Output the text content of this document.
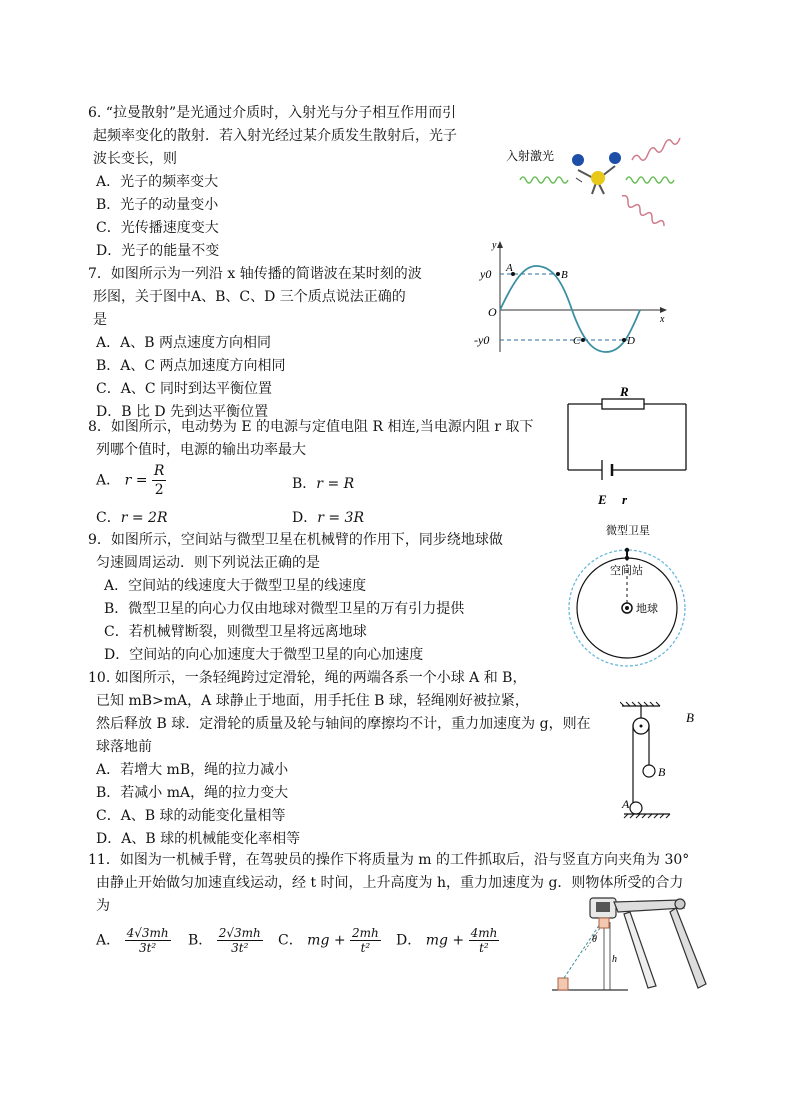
6. “拉曼散射”是光通过介质时，入射光与分子相互作用而引
起频率变化的散射．若入射光经过某介质发生散射后，光子
波长变长，则
A．光子的频率变大
B．光子的动量变小
C．光传播速度变大
D．光子的能量不变
入射激光
7．如图所示为一列沿 x 轴传播的简谐波在某时刻的波
形图，关于图中A、B、C、D 三个质点说法正确的
是
A．A、B 两点速度方向相同
B．A、C 两点加速度方向相同
C．A、C 同时到达平衡位置
D．B 比 D 先到达平衡位置
y
x
O
y0
-y0
A
B
C	D
8．如图所示，电动势为 E 的电源与定值电阻 R 相连,当电源内阻 r 取下
列哪个值时，电源的输出功率最大
A． $r = \frac{R}{2}$	B．r = R
C．r = 2R	D．r = 3R
R
E r
9．如图所示，空间站与微型卫星在机械臂的作用下，同步绕地球做
匀速圆周运动．则下列说法正确的是
A．空间站的线速度大于微型卫星的线速度
B．微型卫星的向心力仅由地球对微型卫星的万有引力提供
C．若机械臂断裂，则微型卫星将远离地球
D．空间站的向心加速度大于微型卫星的向心加速度
微型卫星
空间站
地球
10. 如图所示，一条轻绳跨过定滑轮，绳的两端各系一个小球 A 和 B，
已知 mB>mA，A 球静止于地面，用手托住 B 球，轻绳刚好被拉紧，
然后释放 B 球．定滑轮的质量及轮与轴间的摩擦均不计，重力加速度为 g，则在
球落地前
A．若增大 mB，绳的拉力减小
B．若减小 mA，绳的拉力变大
C．A、B 球的动能变化量相等
D．A、B 球的机械能变化率相等
B
A
B
11．如图为一机械手臂，在驾驶员的操作下将质量为 m 的工件抓取后，沿与竖直方向夹角为 30°
由静止开始做匀加速直线运动，经 t 时间，上升高度为 h，重力加速度为 g．则物体所受的合力
为
A． $\frac{4√3mh}{\text{3t²}}$ B． $\frac{2√3mh}{\text{3t²}}$ C． mg + $\frac{2mh}{\text{t²}}$ D． mg + $\frac{4mh}{\text{t²}}$	θ
h
